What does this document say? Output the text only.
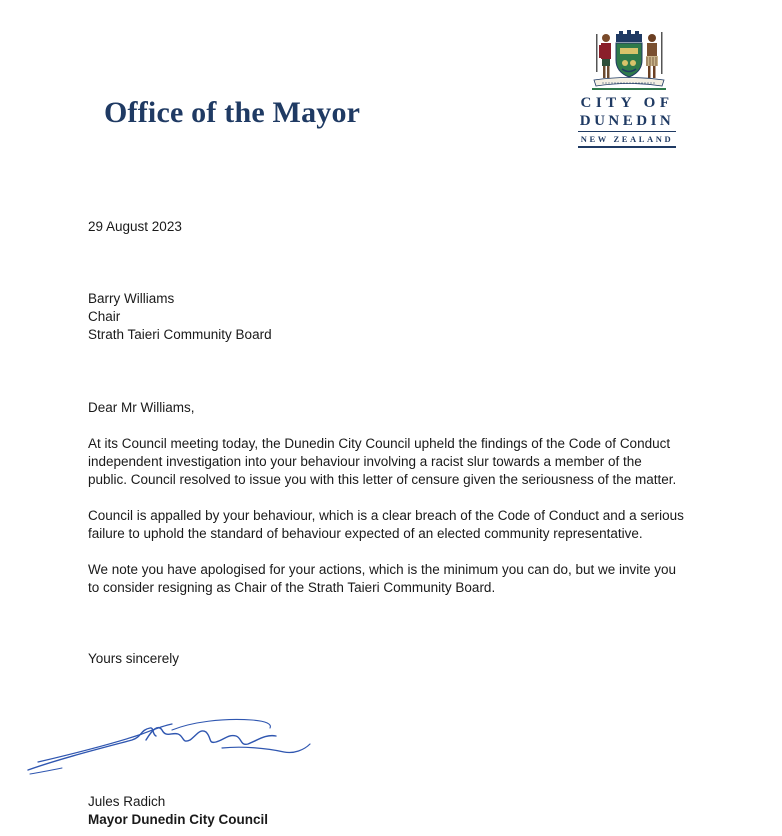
Office of the Mayor	CITY OF
DUNEDIN
NEW ZEALAND
29 August 2023
Barry Williams
Chair
Strath Taieri Community Board
Dear Mr Williams,
At its Council meeting today, the Dunedin City Council upheld the findings of the Code of Conduct
independent investigation into your behaviour involving a racist slur towards a member of the
public. Council resolved to issue you with this letter of censure given the seriousness of the matter.
Council is appalled by your behaviour, which is a clear breach of the Code of Conduct and a serious
failure to uphold the standard of behaviour expected of an elected community representative.
We note you have apologised for your actions, which is the minimum you can do, but we invite you
to consider resigning as Chair of the Strath Taieri Community Board.
Yours sincerely
Jules Radich
Mayor Dunedin City Council
